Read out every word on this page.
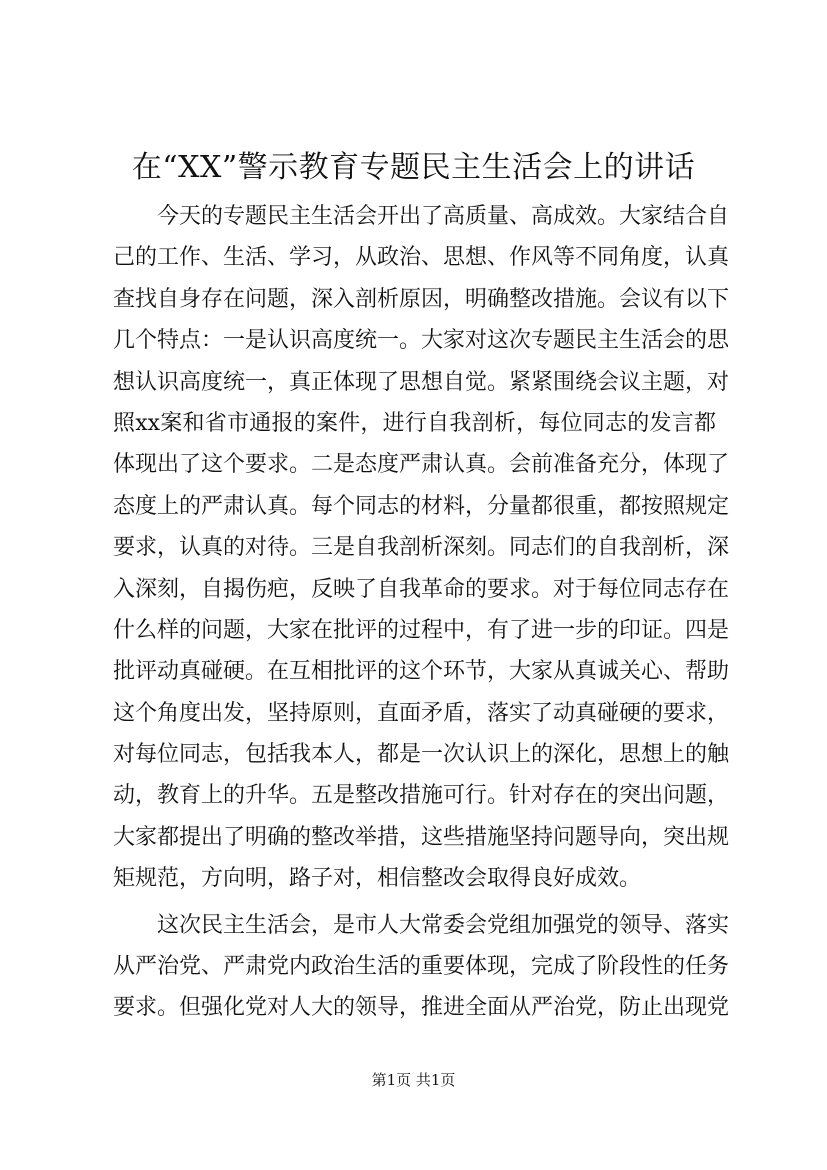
在“XX”警示教育专题民主生活会上的讲话
今天的专题民主生活会开出了高质量、高成效。大家结合自
己的工作、生活、学习，从政治、思想、作风等不同角度，认真
查找自身存在问题，深入剖析原因，明确整改措施。会议有以下
几个特点：一是认识高度统一。大家对这次专题民主生活会的思
想认识高度统一，真正体现了思想自觉。紧紧围绕会议主题，对
照xx案和省市通报的案件，进行自我剖析，每位同志的发言都
体现出了这个要求。二是态度严肃认真。会前准备充分，体现了
态度上的严肃认真。每个同志的材料，分量都很重，都按照规定
要求，认真的对待。三是自我剖析深刻。同志们的自我剖析，深
入深刻，自揭伤疤，反映了自我革命的要求。对于每位同志存在
什么样的问题，大家在批评的过程中，有了进一步的印证。四是
批评动真碰硬。在互相批评的这个环节，大家从真诚关心、帮助
这个角度出发，坚持原则，直面矛盾，落实了动真碰硬的要求，
对每位同志，包括我本人，都是一次认识上的深化，思想上的触
动，教育上的升华。五是整改措施可行。针对存在的突出问题，
大家都提出了明确的整改举措，这些措施坚持问题导向，突出规
矩规范，方向明，路子对，相信整改会取得良好成效。
这次民主生活会，是市人大常委会党组加强党的领导、落实
从严治党、严肃党内政治生活的重要体现，完成了阶段性的任务
要求。但强化党对人大的领导，推进全面从严治党，防止出现党
第1页 共1页
